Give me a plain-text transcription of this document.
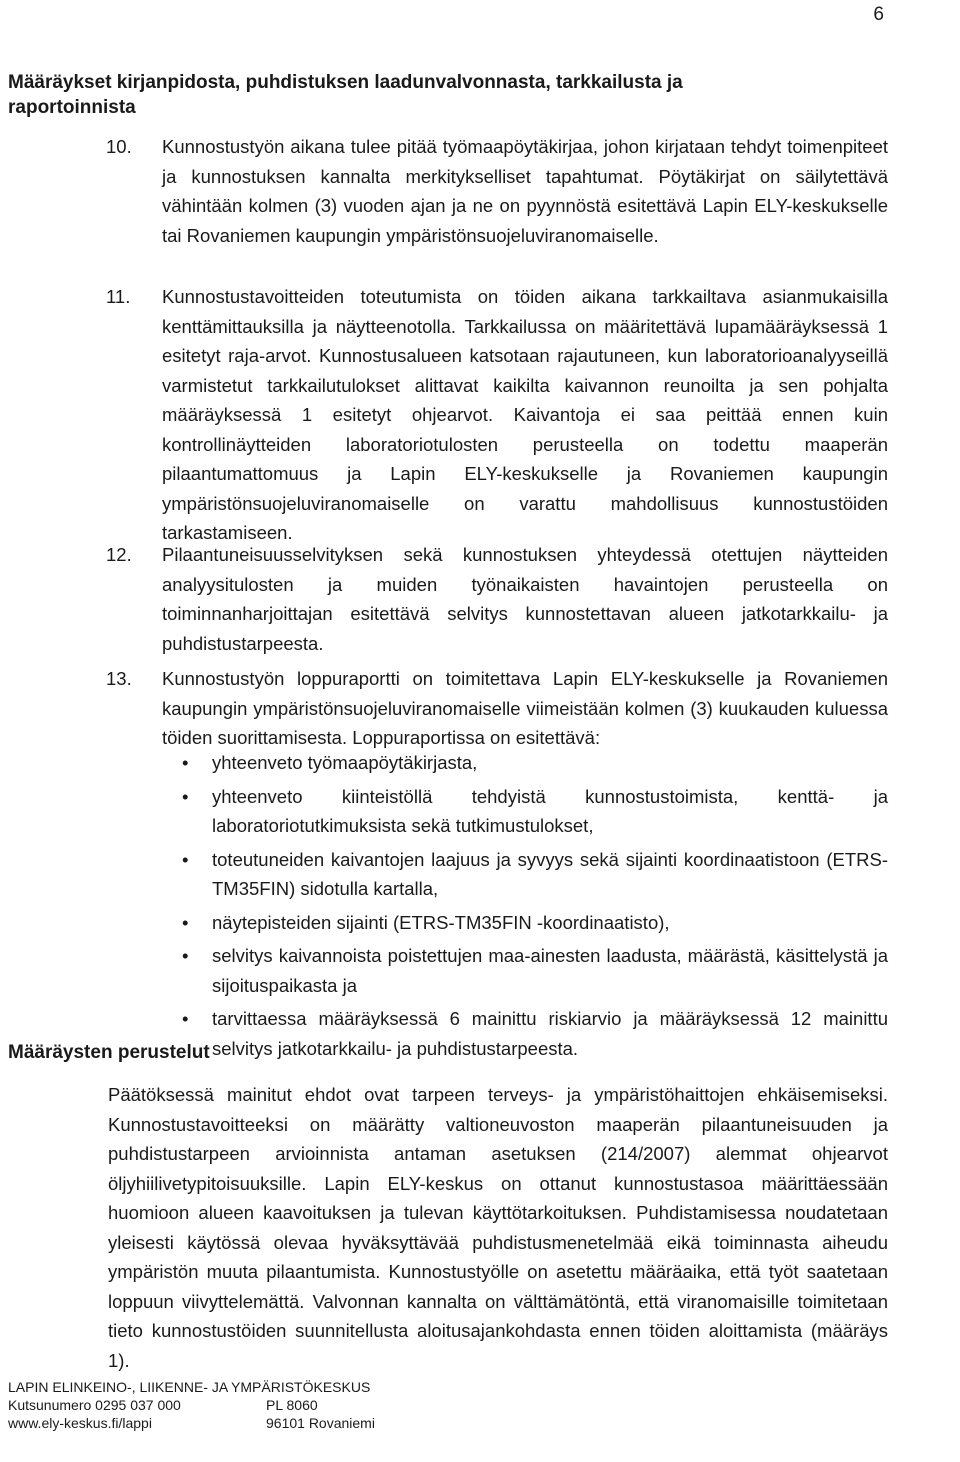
6
Määräykset kirjanpidosta, puhdistuksen laadunvalvonnasta, tarkkailusta ja raportoinnista
10. Kunnostustyön aikana tulee pitää työmaapöytäkirjaa, johon kirjataan tehdyt toimenpiteet ja kunnostuksen kannalta merkitykselliset tapahtumat. Pöytäkirjat on säilytettävä vähintään kolmen (3) vuoden ajan ja ne on pyynnöstä esitettävä Lapin ELY-keskukselle tai Rovaniemen kaupungin ympäristönsuojeluviranomaiselle.
11. Kunnostustavoitteiden toteutumista on töiden aikana tarkkailtava asianmukaisilla kenttämittauksilla ja näytteenotolla. Tarkkailussa on määritettävä lupamääräyksessä 1 esitetyt raja-arvot. Kunnostusalueen katsotaan rajautuneen, kun laboratorioanalyyseillä varmistetut tarkkailutulokset alittavat kaikilta kaivannon reunoilta ja sen pohjalta määräyksessä 1 esitetyt ohjearvot. Kaivantoja ei saa peittää ennen kuin kontrollinäytteiden laboratoriotulosten perusteella on todettu maaperän pilaantumattomuus ja Lapin ELY-keskukselle ja Rovaniemen kaupungin ympäristönsuojeluviranomaiselle on varattu mahdollisuus kunnostustöiden tarkastamiseen.
12. Pilaantuneisuusselvityksen sekä kunnostuksen yhteydessä otettujen näytteiden analyysitulosten ja muiden työnaikaisten havaintojen perusteella on toiminnanharjoittajan esitettävä selvitys kunnostettavan alueen jatkotarkkailu- ja puhdistustarpeesta.
13. Kunnostustyön loppuraportti on toimitettava Lapin ELY-keskukselle ja Rovaniemen kaupungin ympäristönsuojeluviranomaiselle viimeistään kolmen (3) kuukauden kuluessa töiden suorittamisesta. Loppuraportissa on esitettävä:
• yhteenveto työmaapöytäkirjasta,
• yhteenveto kiinteistöllä tehdyistä kunnostustoimista, kenttä- ja laboratoriotutkimuksista sekä tutkimustulokset,
• toteutuneiden kaivantojen laajuus ja syvyys sekä sijainti koordinaatistoon (ETRS-TM35FIN) sidotulla kartalla,
• näytepisteiden sijainti (ETRS-TM35FIN -koordinaatisto),
• selvitys kaivannoista poistettujen maa-ainesten laadusta, määrästä, käsittelystä ja sijoituspaikasta ja
• tarvittaessa määräyksessä 6 mainittu riskiarvio ja määräyksessä 12 mainittu selvitys jatkotarkkailu- ja puhdistustarpeesta.
Määräysten perustelut
Päätöksessä mainitut ehdot ovat tarpeen terveys- ja ympäristöhaittojen ehkäisemiseksi. Kunnostustavoitteeksi on määrätty valtioneuvoston maaperän pilaantuneisuuden ja puhdistustarpeen arvioinnista antaman asetuksen (214/2007) alemmat ohjearvot öljyhiilivetypitoisuuksille. Lapin ELY-keskus on ottanut kunnostustasoa määrittäessään huomioon alueen kaavoituksen ja tulevan käyttötarkoituksen. Puhdistamisessa noudatetaan yleisesti käytössä olevaa hyväksyttävää puhdistusmenetelmää eikä toiminnasta aiheudu ympäristön muuta pilaantumista. Kunnostustyölle on asetettu määräaika, että työt saatetaan loppuun viivyttelemättä. Valvonnan kannalta on välttämätöntä, että viranomaisille toimitetaan tieto kunnostustöiden suunnitellusta aloitusajankohdasta ennen töiden aloittamista (määräys 1).
LAPIN ELINKEINO-, LIIKENNE- JA YMPÄRISTÖKESKUS
Kutsunumero 0295 037 000	PL 8060
www.ely-keskus.fi/lappi	96101 Rovaniemi
